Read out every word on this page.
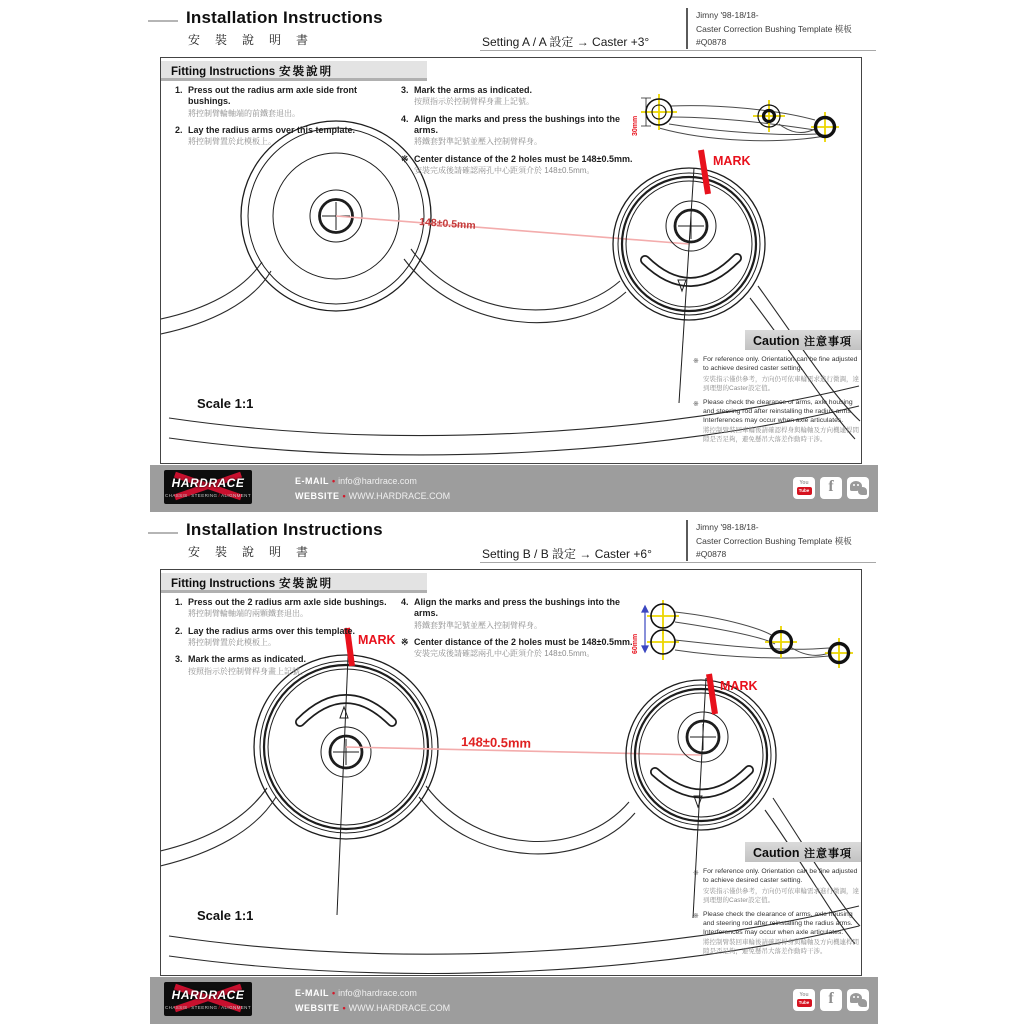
Installation Instructions
安 裝 說 明 書	Setting A / A 設定 → Caster +3°
Jimny '98-18/18-
Caster Correction Bushing Template 模板
#Q0878
148±0.5mm
MARK
Fitting Instructions 安裝說明
1. Press out the radius arm axle side front bushings.
將控制臂輪軸端的前鐵套退出。
2. Lay the radius arms over this template.
將控制臂置於此模板上。
3. Mark the arms as indicated.
按照指示於控制臂桿身畫上記號。
4. Align the marks and press the bushings into the arms.
將鐵套對準記號並壓入控制臂桿身。
※ Center distance of the 2 holes must be 148±0.5mm.
安裝完成後請確認兩孔中心距須介於 148±0.5mm。
30mm
Scale 1:1
Caution 注意事項
※ For reference only. Orientation can be fine adjusted to achieve desired caster setting.
安裝指示僅供參考，方向仍可依車輪需求進行微調，達到理想的Caster設定值。
※ Please check the clearance of arms, axle housing and steering rod after reinstalling the radius arms. Interferences may occur when axle articulates.
將控制臂裝回車輪後請確認桿身與輪軸及方向機連桿間隙是否足夠，避免懸吊大落差作動時干涉。
HARDRACE
CHASSIS/STEERING/ALIGNMENT
E-MAIL • info@hardrace.com
WEBSITE • WWW.HARDRACE.COM
You
Tube	f
Installation Instructions
安 裝 說 明 書	Setting B / B 設定 → Caster +6°
Jimny '98-18/18-
Caster Correction Bushing Template 模板
#Q0878
MARK
148±0.5mm
MARK
Fitting Instructions 安裝說明
1. Press out the 2 radius arm axle side bushings.
將控制臂輪軸端的兩顆鐵套退出。
2. Lay the radius arms over this template.
將控制臂置於此模板上。
3. Mark the arms as indicated.
按照指示於控制臂桿身畫上記號。
4. Align the marks and press the bushings into the arms.
將鐵套對準記號並壓入控制臂桿身。
※ Center distance of the 2 holes must be 148±0.5mm.
安裝完成後請確認兩孔中心距須介於 148±0.5mm。	60mm
Scale 1:1
Caution 注意事項
※ For reference only. Orientation can be fine adjusted to achieve desired caster setting.
安裝指示僅供參考，方向仍可依車輪需求進行微調，達到理想的Caster設定值。
※ Please check the clearance of arms, axle housing and steering rod after reinstalling the radius arms. Interferences may occur when axle articulates.
將控制臂裝回車輪後請確認桿身與輪軸及方向機連桿間隙是否足夠，避免懸吊大落差作動時干涉。
HARDRACE
CHASSIS/STEERING/ALIGNMENT
E-MAIL • info@hardrace.com
WEBSITE • WWW.HARDRACE.COM
You
Tube	f
